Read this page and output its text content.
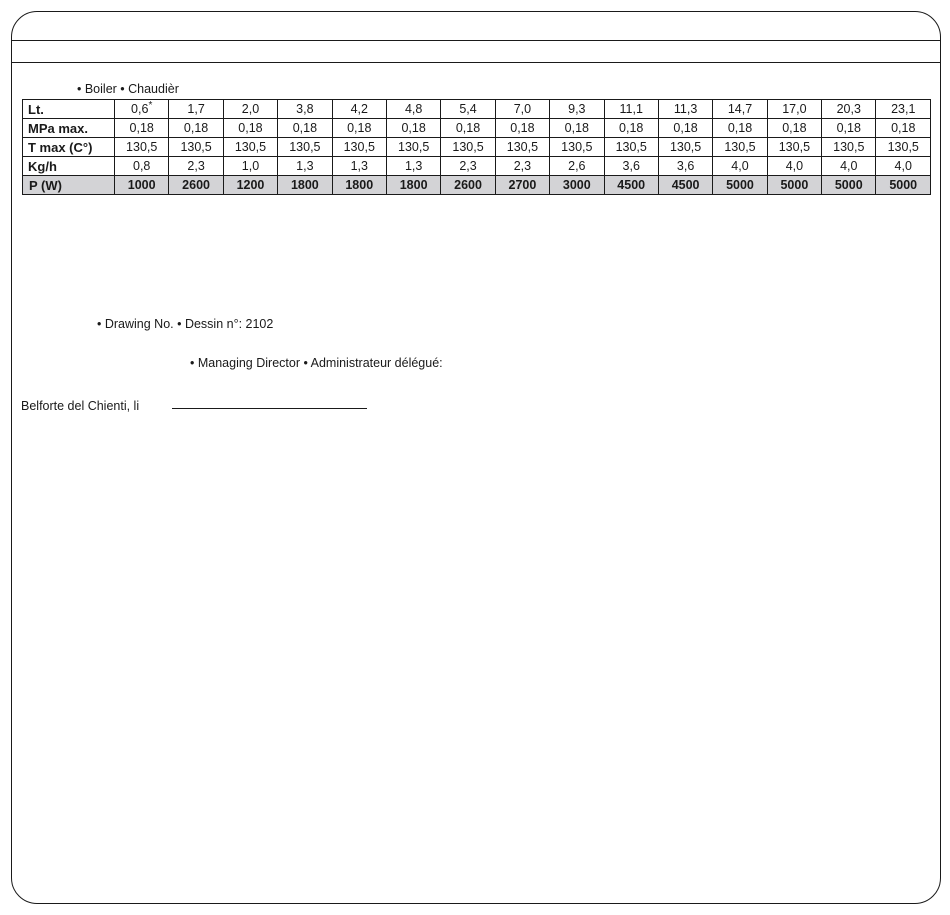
• Boiler • Chaudièr
Lt.	0,6*	1,7	2,0	3,8	4,2	4,8	5,4	7,0	9,3	11,1	11,3	14,7	17,0	20,3	23,1
MPa max.	0,18	0,18	0,18	0,18	0,18	0,18	0,18	0,18	0,18	0,18	0,18	0,18	0,18	0,18	0,18
T max (C°)	130,5	130,5	130,5	130,5	130,5	130,5	130,5	130,5	130,5	130,5	130,5	130,5	130,5	130,5	130,5
Kg/h	0,8	2,3	1,0	1,3	1,3	1,3	2,3	2,3	2,6	3,6	3,6	4,0	4,0	4,0	4,0
P (W)	1000	2600	1200	1800	1800	1800	2600	2700	3000	4500	4500	5000	5000	5000	5000
• Drawing No. • Dessin n°: 2102
• Managing Director • Administrateur délégué:
Belforte del Chienti, li
